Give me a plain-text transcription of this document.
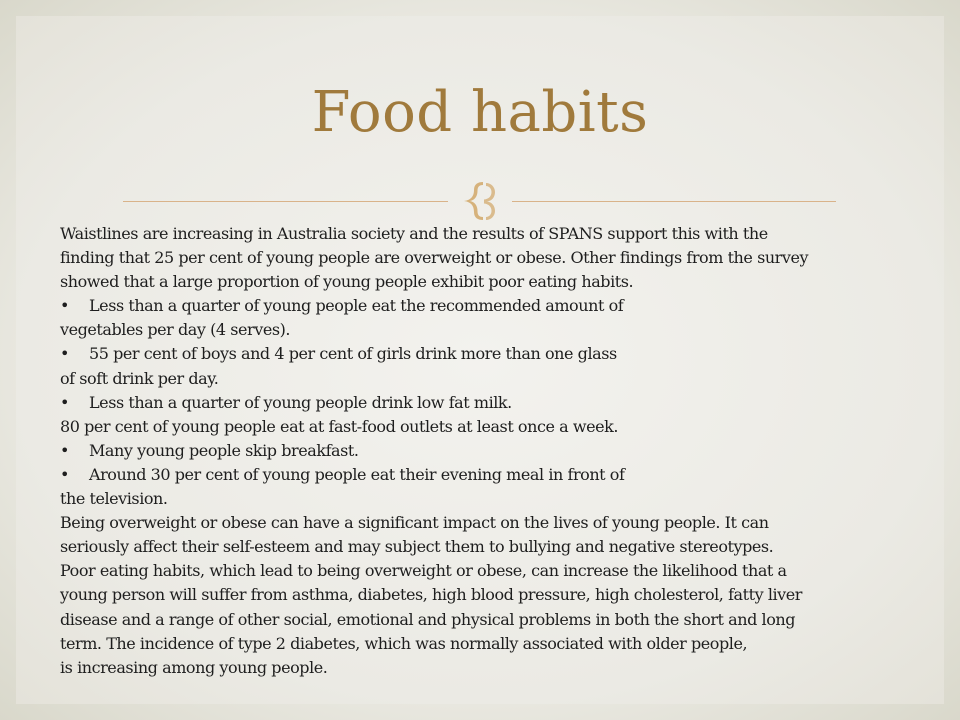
Food habits
Waistlines are increasing in Australia society and the results of SPANS support this with the
finding that 25 per cent of young people are overweight or obese. Other findings from the survey
showed that a large proportion of young people exhibit poor eating habits.
• Less than a quarter of young people eat the recommended amount of
vegetables per day (4 serves).
• 55 per cent of boys and 4 per cent of girls drink more than one glass
of soft drink per day.
• Less than a quarter of young people drink low fat milk.
80 per cent of young people eat at fast-food outlets at least once a week.
• Many young people skip breakfast.
• Around 30 per cent of young people eat their evening meal in front of
the television.
Being overweight or obese can have a significant impact on the lives of young people. It can
seriously affect their self-esteem and may subject them to bullying and negative stereotypes.
Poor eating habits, which lead to being overweight or obese, can increase the likelihood that a
young person will suffer from asthma, diabetes, high blood pressure, high cholesterol, fatty liver
disease and a range of other social, emotional and physical problems in both the short and long
term. The incidence of type 2 diabetes, which was normally associated with older people,
is increasing among young people.
